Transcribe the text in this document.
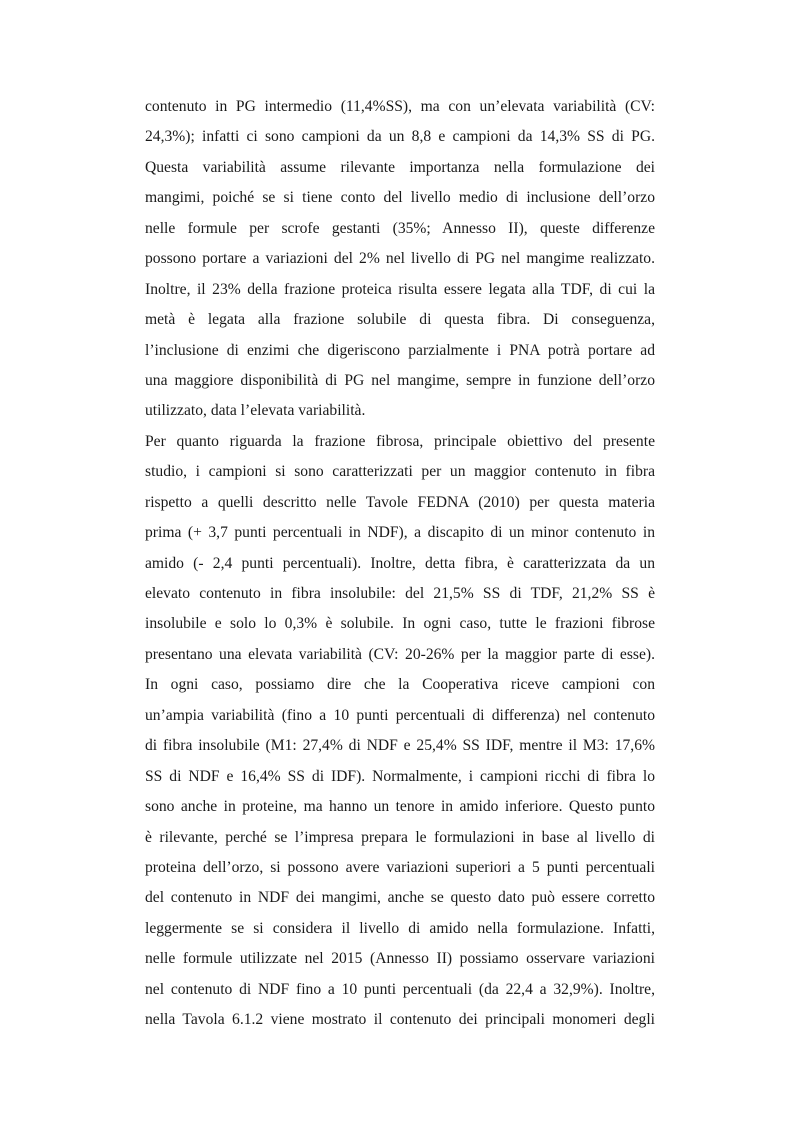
contenuto in PG intermedio (11,4%SS), ma con un’elevata variabilità (CV:
24,3%); infatti ci sono campioni da un 8,8 e campioni da 14,3% SS di PG.
Questa variabilità assume rilevante importanza nella formulazione dei
mangimi, poiché se si tiene conto del livello medio di inclusione dell’orzo
nelle formule per scrofe gestanti (35%; Annesso II), queste differenze
possono portare a variazioni del 2% nel livello di PG nel mangime realizzato.
Inoltre, il 23% della frazione proteica risulta essere legata alla TDF, di cui la
metà è legata alla frazione solubile di questa fibra. Di conseguenza,
l’inclusione di enzimi che digeriscono parzialmente i PNA potrà portare ad
una maggiore disponibilità di PG nel mangime, sempre in funzione dell’orzo
utilizzato, data l’elevata variabilità.
Per quanto riguarda la frazione fibrosa, principale obiettivo del presente
studio, i campioni si sono caratterizzati per un maggior contenuto in fibra
rispetto a quelli descritto nelle Tavole FEDNA (2010) per questa materia
prima (+ 3,7 punti percentuali in NDF), a discapito di un minor contenuto in
amido (- 2,4 punti percentuali). Inoltre, detta fibra, è caratterizzata da un
elevato contenuto in fibra insolubile: del 21,5% SS di TDF, 21,2% SS è
insolubile e solo lo 0,3% è solubile. In ogni caso, tutte le frazioni fibrose
presentano una elevata variabilità (CV: 20-26% per la maggior parte di esse).
In ogni caso, possiamo dire che la Cooperativa riceve campioni con
un’ampia variabilità (fino a 10 punti percentuali di differenza) nel contenuto
di fibra insolubile (M1: 27,4% di NDF e 25,4% SS IDF, mentre il M3: 17,6%
SS di NDF e 16,4% SS di IDF). Normalmente, i campioni ricchi di fibra lo
sono anche in proteine, ma hanno un tenore in amido inferiore. Questo punto
è rilevante, perché se l’impresa prepara le formulazioni in base al livello di
proteina dell’orzo, si possono avere variazioni superiori a 5 punti percentuali
del contenuto in NDF dei mangimi, anche se questo dato può essere corretto
leggermente se si considera il livello di amido nella formulazione. Infatti,
nelle formule utilizzate nel 2015 (Annesso II) possiamo osservare variazioni
nel contenuto di NDF fino a 10 punti percentuali (da 22,4 a 32,9%). Inoltre,
nella Tavola 6.1.2 viene mostrato il contenuto dei principali monomeri degli
